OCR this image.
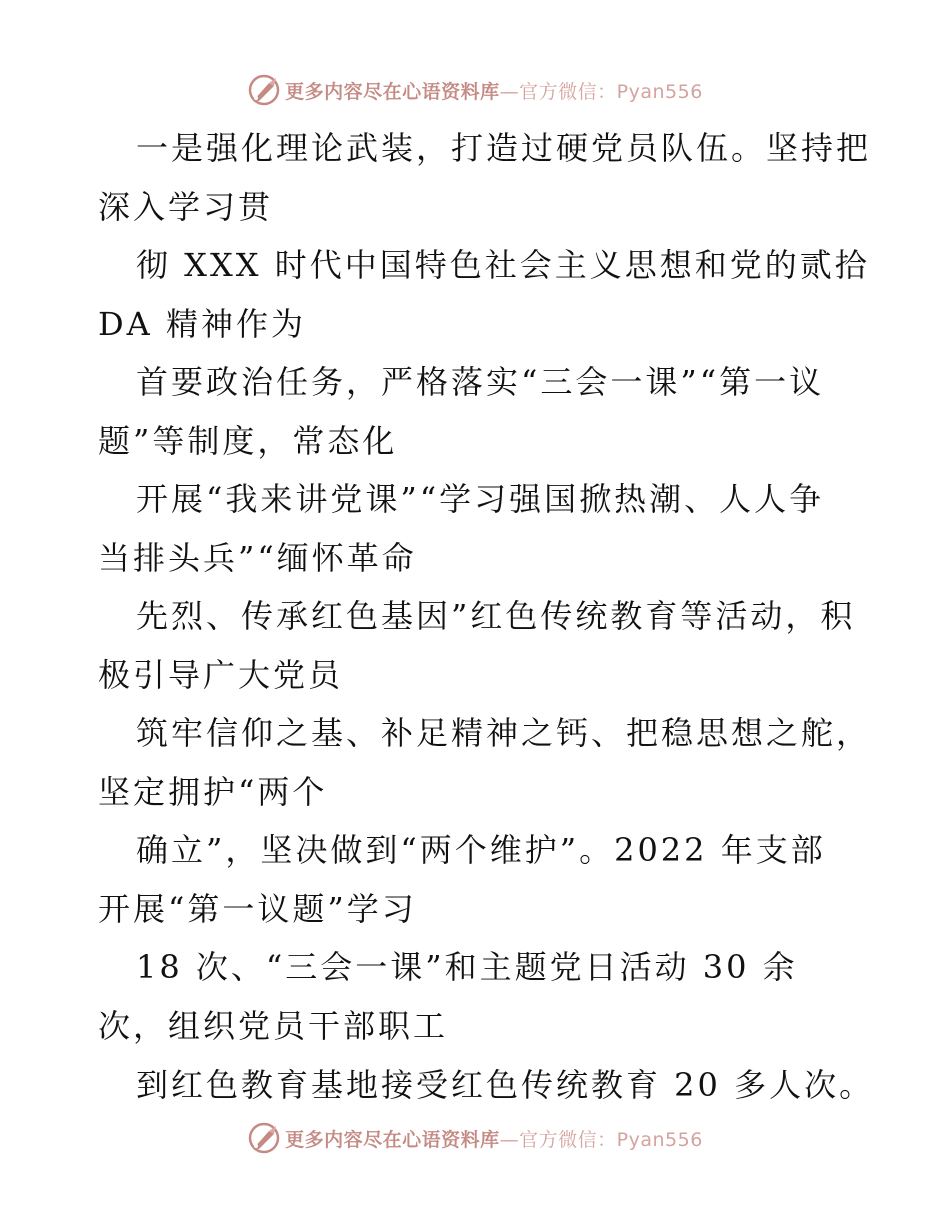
更多内容尽在心语资料库—官方微信：Pyan556

一是强化理论武装，打造过硬党员队伍。坚持把
深入学习贯

彻 XXX 时代中国特色社会主义思想和党的贰拾
DA 精神作为

首要政治任务，严格落实“三会一课”“第一议
题”等制度，常态化

开展“我来讲党课”“学习强国掀热潮、人人争
当排头兵”“缅怀革命

先烈、传承红色基因”红色传统教育等活动，积
极引导广大党员

筑牢信仰之基、补足精神之钙、把稳思想之舵，
坚定拥护“两个

确立”，坚决做到“两个维护”。2022 年支部
开展“第一议题”学习

18 次、“三会一课”和主题党日活动 30 余
次，组织党员干部职工

到红色教育基地接受红色传统教育 20 多人次。

更多内容尽在心语资料库—官方微信：Pyan556
